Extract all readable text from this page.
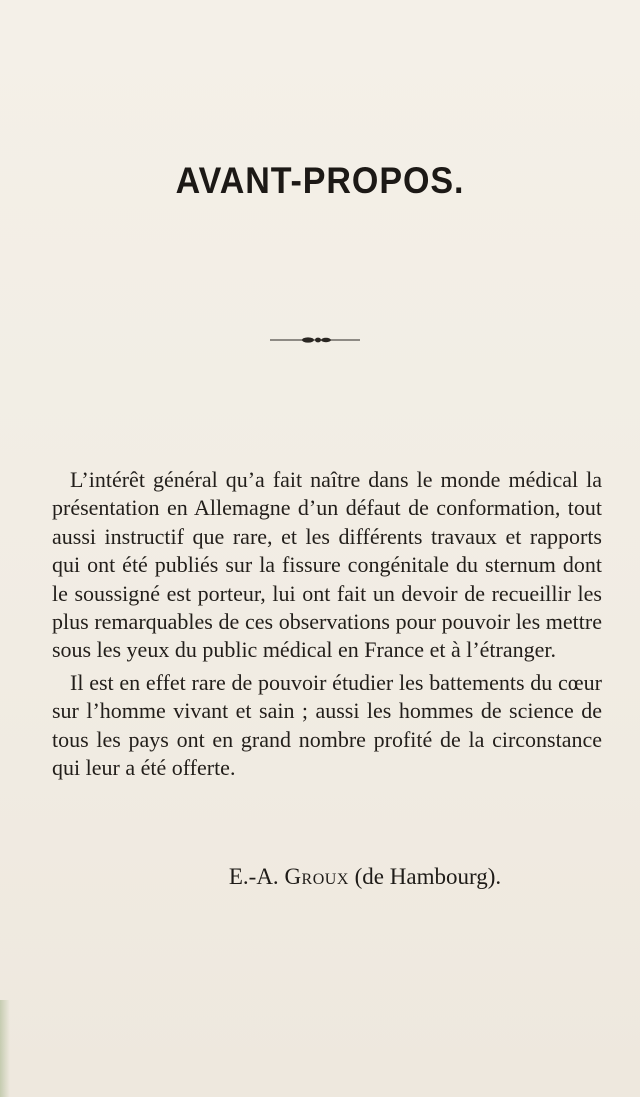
AVANT-PROPOS.

L’intérêt général qu’a fait naître dans le monde médical la présentation en Allemagne d’un défaut de conformation, tout aussi instructif que rare, et les différents travaux et rapports qui ont été publiés sur la fissure congénitale du sternum dont le soussigné est porteur, lui ont fait un devoir de recueillir les plus remarquables de ces observations pour pouvoir les mettre sous les yeux du public médical en France et à l’étranger.

Il est en effet rare de pouvoir étudier les battements du cœur sur l’homme vivant et sain ; aussi les hommes de science de tous les pays ont en grand nombre profité de la circonstance qui leur a été offerte.

E.-A. Groux (de Hambourg).
